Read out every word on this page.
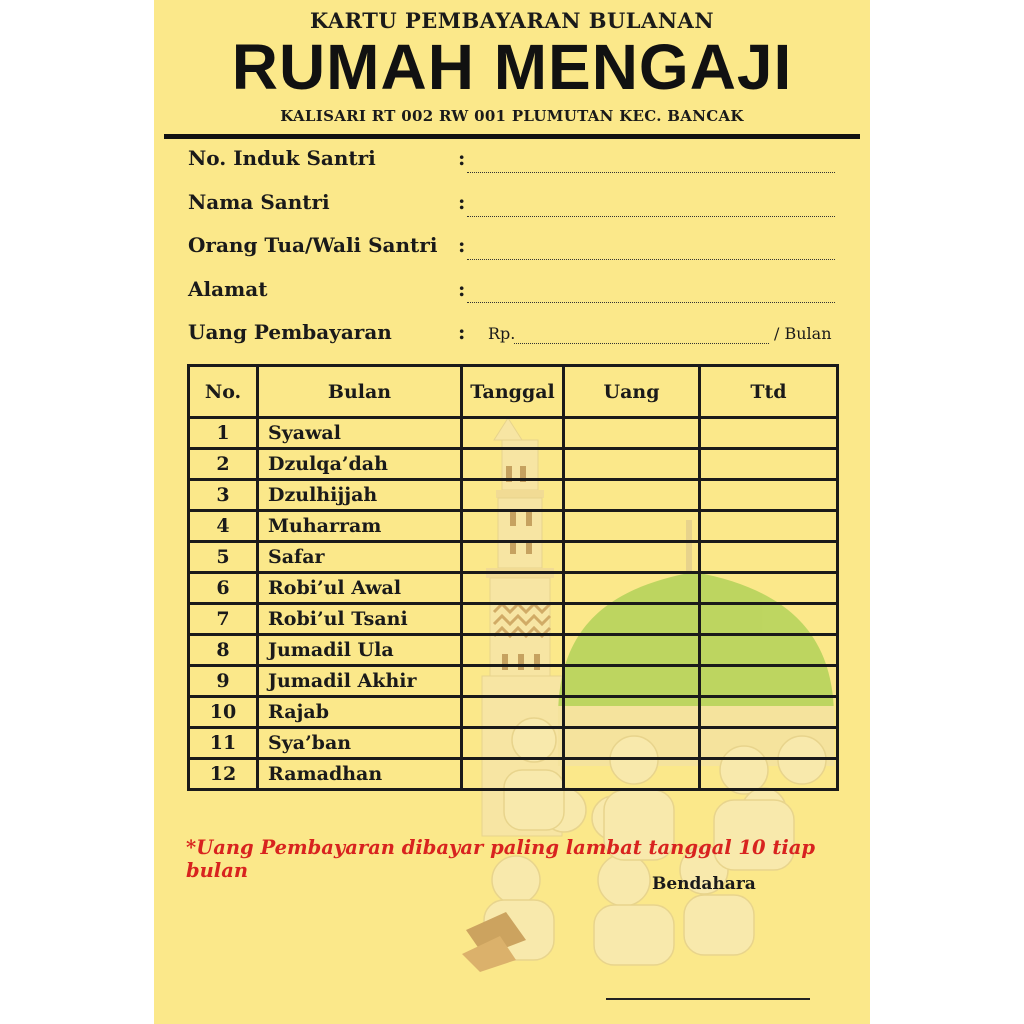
KARTU PEMBAYARAN BULANAN
RUMAH MENGAJI
KALISARI RT 002 RW 001 PLUMUTAN KEC. BANCAK
No. Induk Santri	:
Nama Santri	:
Orang Tua/Wali Santri :
Alamat	:
Uang Pembayaran	: Rp.	/ Bulan
No.	Bulan	Tanggal	Uang	Ttd
1	Syawal			
2	Dzulqa’dah			
3	Dzulhijjah			
4	Muharram			
5	Safar			
6	Robi’ul Awal			
7	Robi’ul Tsani			
8	Jumadil Ula			
9	Jumadil Akhir			
10	Rajab			
11	Sya’ban			
12	Ramadhan			
*Uang Pembayaran dibayar paling lambat tanggal 10 tiap bulan
Bendahara
